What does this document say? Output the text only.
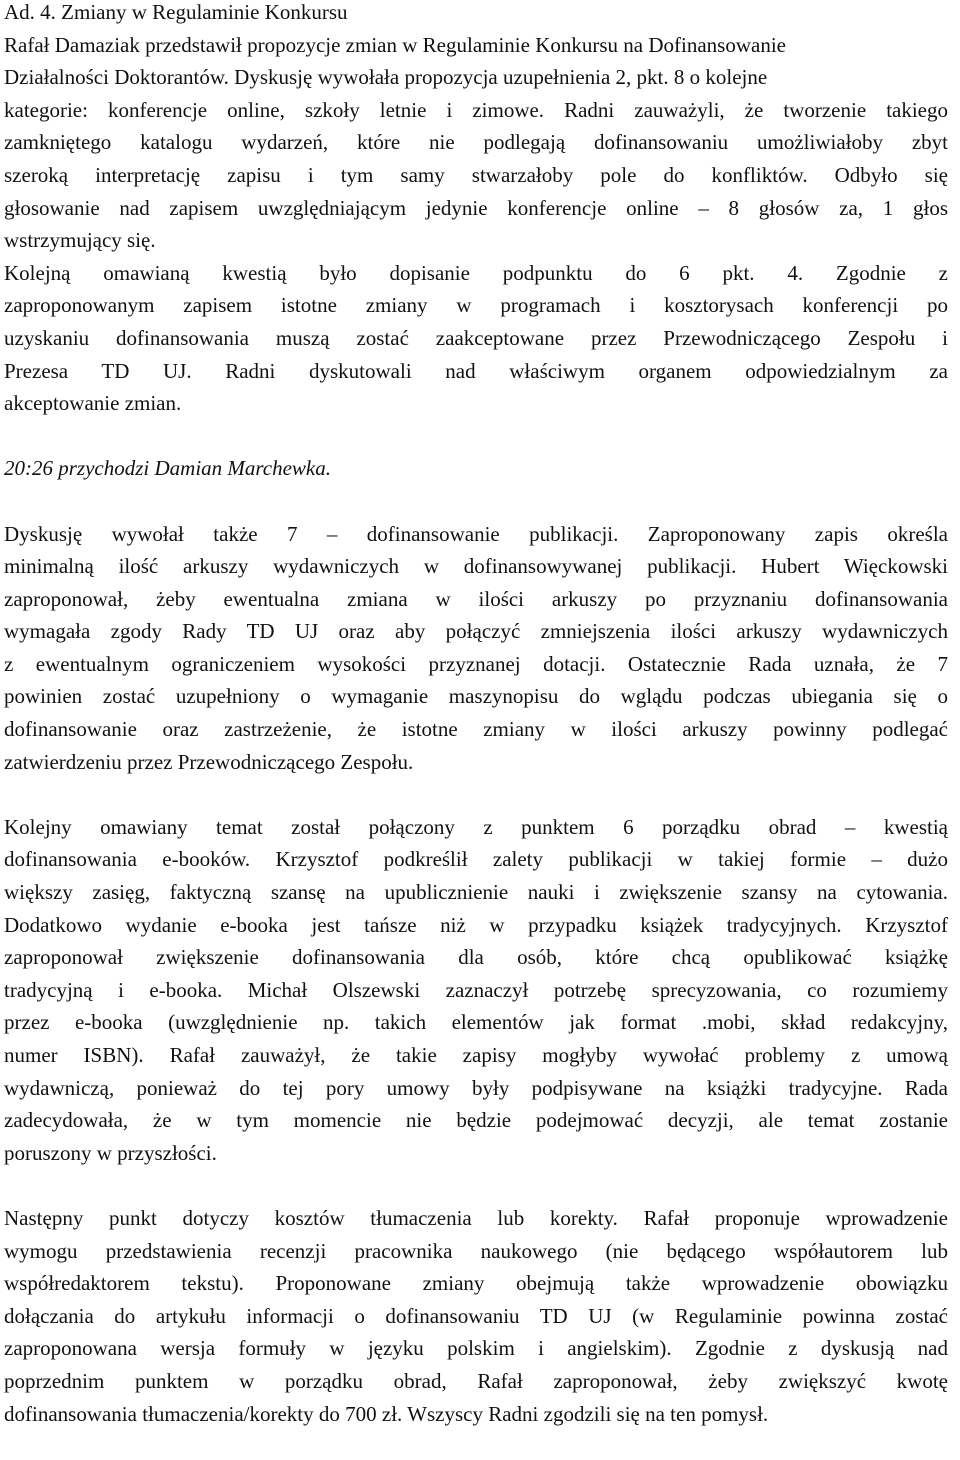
Ad. 4. Zmiany w Regulaminie Konkursu
Rafał Damaziak przedstawił propozycje zmian w Regulaminie Konkursu na Dofinansowanie
Działalności Doktorantów. Dyskusję wywołała propozycja uzupełnienia 2, pkt. 8 o kolejne
kategorie: konferencje online, szkoły letnie i zimowe. Radni zauważyli, że tworzenie takiego
zamkniętego katalogu wydarzeń, które nie podlegają dofinansowaniu umożliwiałoby zbyt
szeroką interpretację zapisu i tym samy stwarzałoby pole do konfliktów. Odbyło się
głosowanie nad zapisem uwzględniającym jedynie konferencje online – 8 głosów za, 1 głos
wstrzymujący się.
Kolejną omawianą kwestią było dopisanie podpunktu do 6 pkt. 4. Zgodnie z
zaproponowanym zapisem istotne zmiany w programach i kosztorysach konferencji po
uzyskaniu dofinansowania muszą zostać zaakceptowane przez Przewodniczącego Zespołu i
Prezesa TD UJ. Radni dyskutowali nad właściwym organem odpowiedzialnym za
akceptowanie zmian.
20:26 przychodzi Damian Marchewka.
Dyskusję wywołał także 7 – dofinansowanie publikacji. Zaproponowany zapis określa
minimalną ilość arkuszy wydawniczych w dofinansowywanej publikacji. Hubert Więckowski
zaproponował, żeby ewentualna zmiana w ilości arkuszy po przyznaniu dofinansowania
wymagała zgody Rady TD UJ oraz aby połączyć zmniejszenia ilości arkuszy wydawniczych
z ewentualnym ograniczeniem wysokości przyznanej dotacji. Ostatecznie Rada uznała, że 7
powinien zostać uzupełniony o wymaganie maszynopisu do wglądu podczas ubiegania się o
dofinansowanie oraz zastrzeżenie, że istotne zmiany w ilości arkuszy powinny podlegać
zatwierdzeniu przez Przewodniczącego Zespołu.
Kolejny omawiany temat został połączony z punktem 6 porządku obrad – kwestią
dofinansowania e-booków. Krzysztof podkreślił zalety publikacji w takiej formie – dużo
większy zasięg, faktyczną szansę na upublicznienie nauki i zwiększenie szansy na cytowania.
Dodatkowo wydanie e-booka jest tańsze niż w przypadku książek tradycyjnych. Krzysztof
zaproponował zwiększenie dofinansowania dla osób, które chcą opublikować książkę
tradycyjną i e-booka. Michał Olszewski zaznaczył potrzebę sprecyzowania, co rozumiemy
przez e-booka (uwzględnienie np. takich elementów jak format .mobi, skład redakcyjny,
numer ISBN). Rafał zauważył, że takie zapisy mogłyby wywołać problemy z umową
wydawniczą, ponieważ do tej pory umowy były podpisywane na książki tradycyjne. Rada
zadecydowała, że w tym momencie nie będzie podejmować decyzji, ale temat zostanie
poruszony w przyszłości.
Następny punkt dotyczy kosztów tłumaczenia lub korekty. Rafał proponuje wprowadzenie
wymogu przedstawienia recenzji pracownika naukowego (nie będącego współautorem lub
współredaktorem tekstu). Proponowane zmiany obejmują także wprowadzenie obowiązku
dołączania do artykułu informacji o dofinansowaniu TD UJ (w Regulaminie powinna zostać
zaproponowana wersja formuły w języku polskim i angielskim). Zgodnie z dyskusją nad
poprzednim punktem w porządku obrad, Rafał zaproponował, żeby zwiększyć kwotę
dofinansowania tłumaczenia/korekty do 700 zł. Wszyscy Radni zgodzili się na ten pomysł.
